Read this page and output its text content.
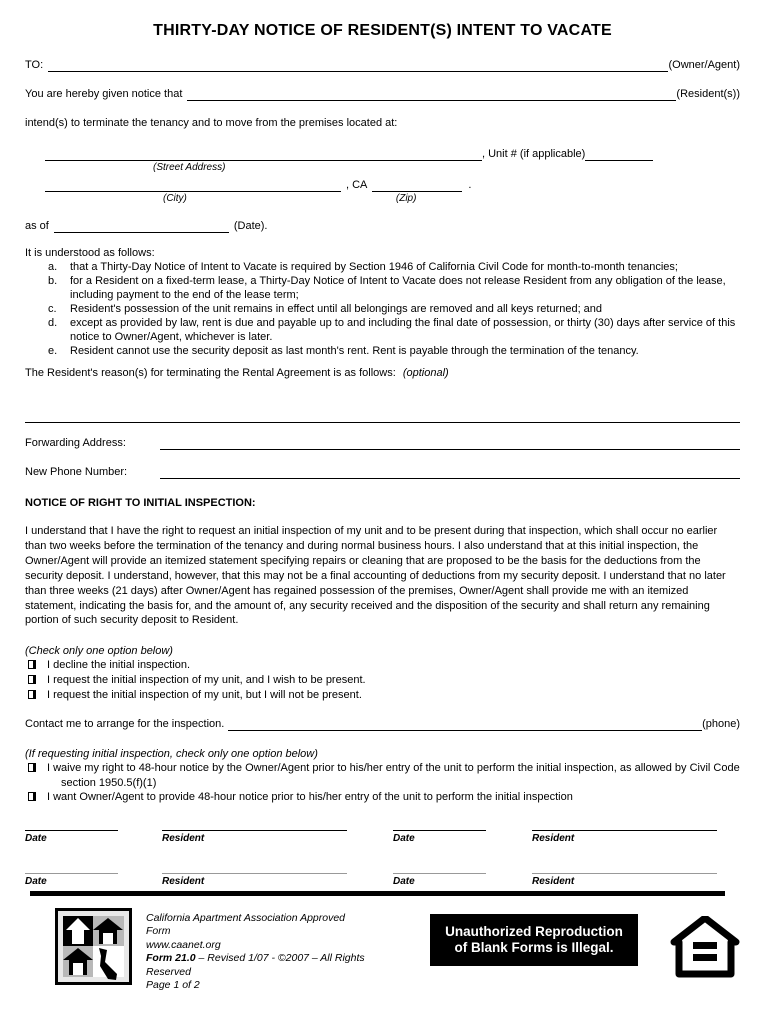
THIRTY-DAY NOTICE OF RESIDENT(S) INTENT TO VACATE
TO:	(Owner/Agent)
You are hereby given notice that	(Resident(s))
intend(s) to terminate the tenancy and to move from the premises located at:
, Unit # (if applicable)
(Street Address)
, CA	.
(City)	(Zip)
as of	(Date).
It is understood as follows:
a.	that a Thirty-Day Notice of Intent to Vacate is required by Section 1946 of California Civil Code for month-to-month tenancies;
b.	for a Resident on a fixed-term lease, a Thirty-Day Notice of Intent to Vacate does not release Resident from any obligation of the lease, including payment to the end of the lease term;
c.	Resident's possession of the unit remains in effect until all belongings are removed and all keys returned; and
d.	except as provided by law, rent is due and payable up to and including the final date of possession, or thirty (30) days after service of this notice to Owner/Agent, whichever is later.
e.	Resident cannot use the security deposit as last month's rent. Rent is payable through the termination of the tenancy.
The Resident's reason(s) for terminating the Rental Agreement is as follows: (optional)
Forwarding Address:
New Phone Number:
NOTICE OF RIGHT TO INITIAL INSPECTION:
I understand that I have the right to request an initial inspection of my unit and to be present during that inspection, which shall occur no earlier than two weeks before the termination of the tenancy and during normal business hours. I also understand that at this initial inspection, the Owner/Agent will provide an itemized statement specifying repairs or cleaning that are proposed to be the basis for the deductions from the security deposit. I understand, however, that this may not be a final accounting of deductions from my security deposit. I understand that no later than three weeks (21 days) after Owner/Agent has regained possession of the premises, Owner/Agent shall provide me with an itemized statement, indicating the basis for, and the amount of, any security received and the disposition of the security and shall return any remaining portion of such security deposit to Resident.
(Check only one option below)
I decline the initial inspection.
I request the initial inspection of my unit, and I wish to be present.
I request the initial inspection of my unit, but I will not be present.
Contact me to arrange for the inspection.	(phone)
(If requesting initial inspection, check only one option below)
I waive my right to 48-hour notice by the Owner/Agent prior to his/her entry of the unit to perform the initial inspection, as allowed by Civil Code section 1950.5(f)(1)
I want Owner/Agent to provide 48-hour notice prior to his/her entry of the unit to perform the initial inspection
Date	Resident	Date	Resident
Date	Resident	Date	Resident
California Apartment Association Approved Form
www.caanet.org
Form 21.0 – Revised 1/07 - ©2007 – All Rights Reserved
Page 1 of 2
Unauthorized Reproduction
of Blank Forms is Illegal.
